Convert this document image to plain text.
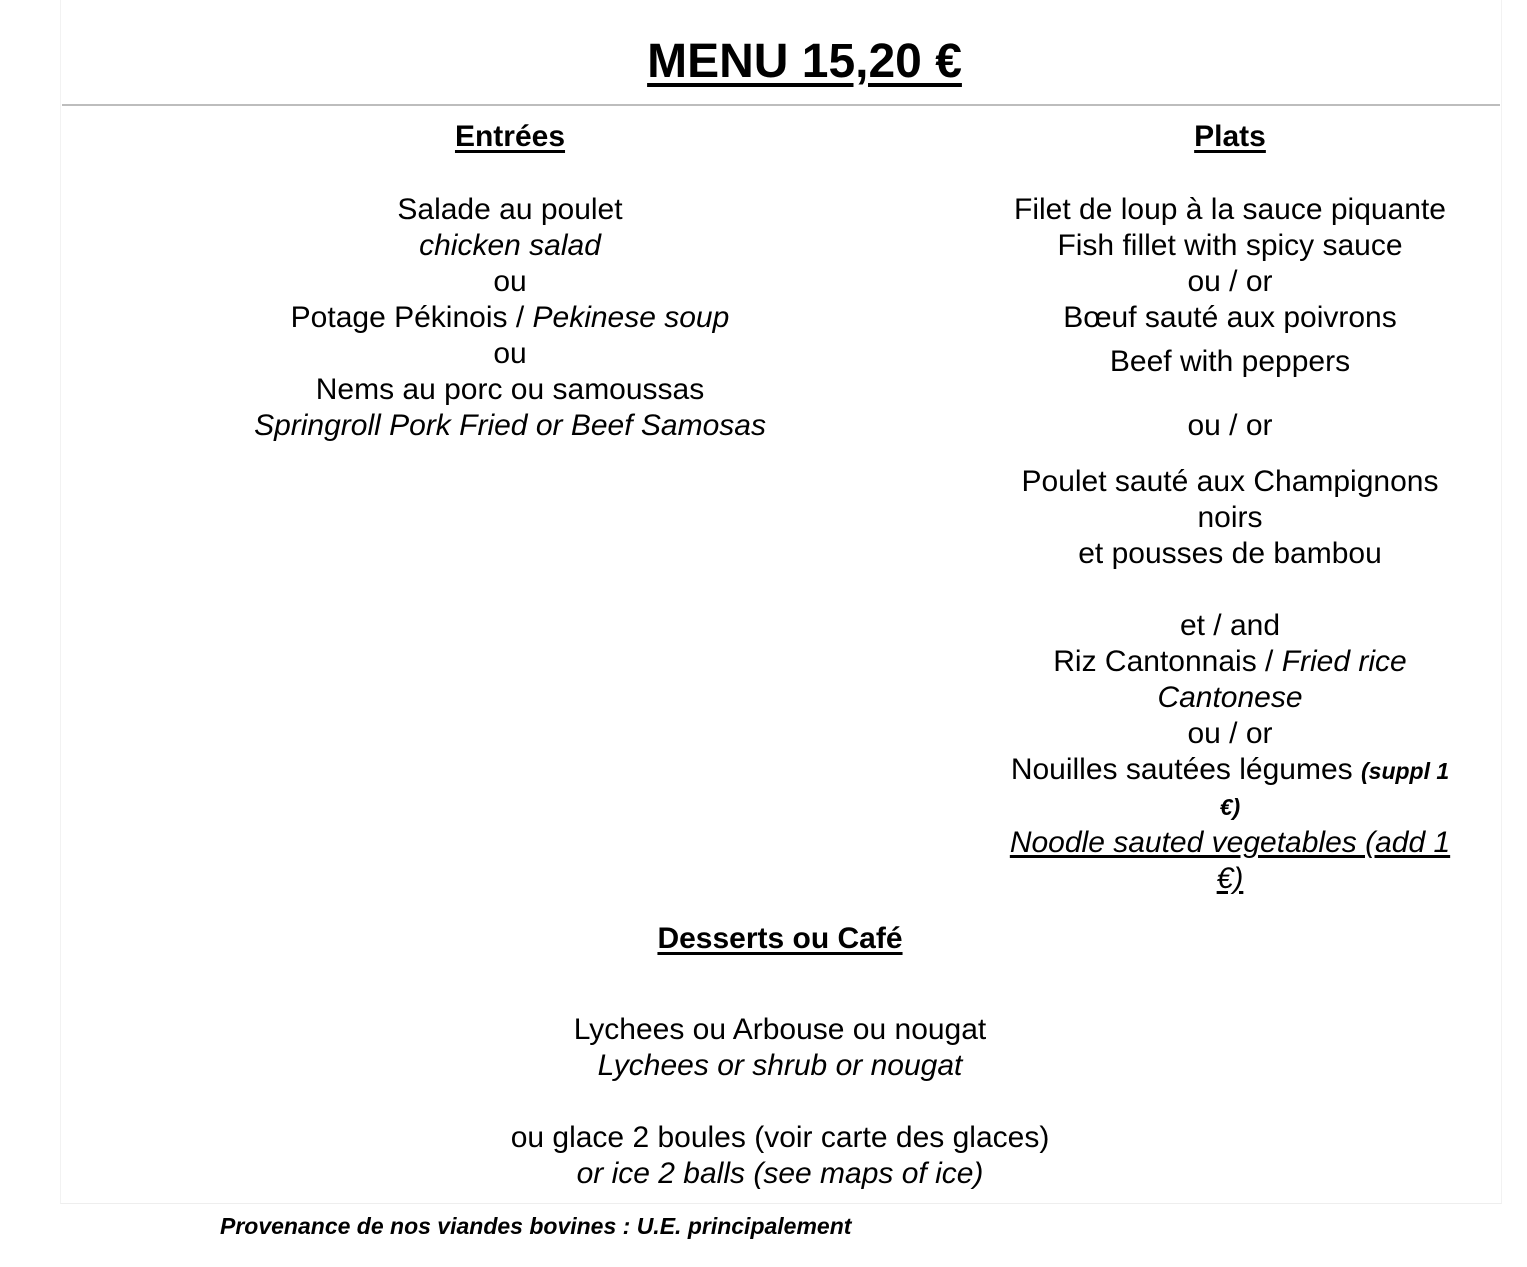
MENU 15,20 €
Entrées
Salade au poulet
chicken salad
ou
Potage Pékinois / Pekinese soup
ou
Nems au porc ou samoussas
Springroll Pork Fried or Beef Samosas
Plats
Filet de loup à la sauce piquante
Fish fillet with spicy sauce
ou / or
Bœuf sauté aux poivrons
Beef with peppers
ou / or
Poulet sauté aux Champignons
noirs
et pousses de bambou
et / and
Riz Cantonnais / Fried rice
Cantonese
ou / or
Nouilles sautées légumes (suppl 1
€)
Noodle sauted vegetables (add 1
€)
Desserts ou Café
Lychees ou Arbouse ou nougat
Lychees or shrub or nougat
ou glace 2 boules (voir carte des glaces)
or ice 2 balls (see maps of ice)
Provenance de nos viandes bovines : U.E. principalement
